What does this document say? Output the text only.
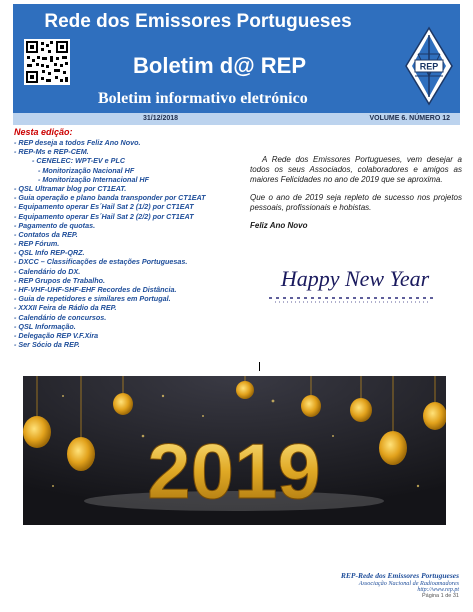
Rede dos Emissores Portugueses
Boletim d@ REP
Boletim informativo eletrónico
REP
31/12/2018	VOLUME 6. NÚMERO 12
Nesta edição:
- REP deseja a todos Feliz Ano Novo.
- REP-Ms e REP-CEM.
- CENELEC: WPT-EV e PLC
- Monitorização Nacional HF
- Monitorização Internacional HF
- QSL Ultramar blog por CT1EAT.
- Guia operação e plano banda transponder por CT1EAT
- Equipamento operar Es´Hail Sat 2 (1/2) por CT1EAT
- Equipamento operar Es´Hail Sat 2 (2/2) por CT1EAT
- Pagamento de quotas.
- Contatos da REP.
- REP Fórum.
- QSL Info REP-QRZ.
- DXCC – Classificações de estações Portuguesas.
- Calendário do DX.
- REP Grupos de Trabalho.
- HF-VHF-UHF-SHF-EHF Recordes de Distância.
- Guia de repetidores e similares em Portugal.
- XXXII Feira de Rádio da REP.
- Calendário de concursos.
- QSL Informação.
- Delegação REP V.F.Xira
- Ser Sócio da REP.

A Rede dos Emissores Portugueses, vem desejar a todos os seus Associados, colaboradores e amigos as maiores Felicidades no ano de 2019 que se aproxima.

Que o ano de 2019 seja repleto de sucesso nos projetos pessoais, profissionais e hobistas.

Feliz Ano Novo

Happy New Year
2019
REP-Rede dos Emissores Portugueses
Associação Nacional de Radioamadores
http://www.rep.pt
Página 1 de 31
